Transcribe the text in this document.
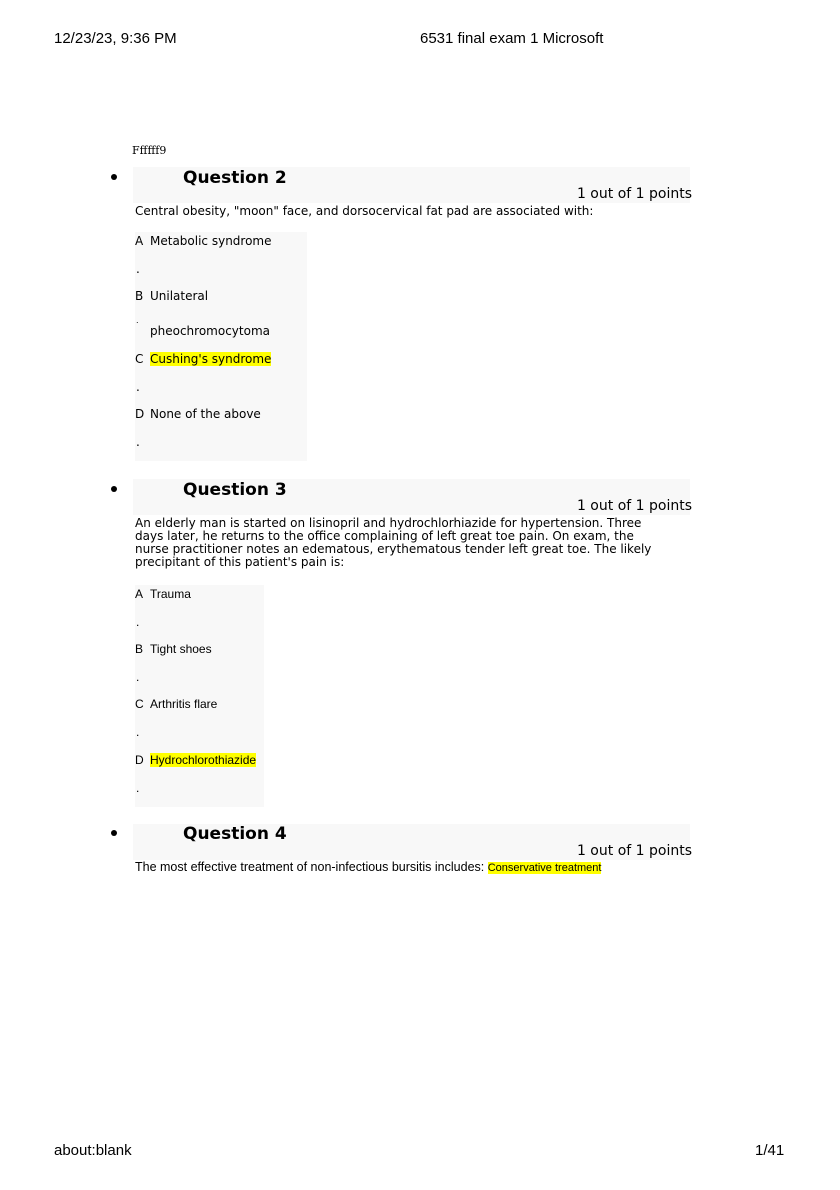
12/23/23, 9:36 PM	6531 final exam 1 Microsoft
Ffffff9
Question 2
1 out of 1 points
Central obesity, "moon" face, and dorsocervical fat pad are associated with:
A Metabolic syndrome
.
B Unilateral
.
pheochromocytoma
C Cushing's syndrome
.
D None of the above
.
Question 3
1 out of 1 points
An elderly man is started on lisinopril and hydrochlorhiazide for hypertension. Three days later, he returns to the office complaining of left great toe pain. On exam, the nurse practitioner notes an edematous, erythematous tender left great toe. The likely precipitant of this patient's pain is:
A Trauma
.
B Tight shoes
.
C Arthritis flare
.
D Hydrochlorothiazide
.
Question 4
1 out of 1 points
The most effective treatment of non-infectious bursitis includes: Conservative treatment
about:blank	1/41
